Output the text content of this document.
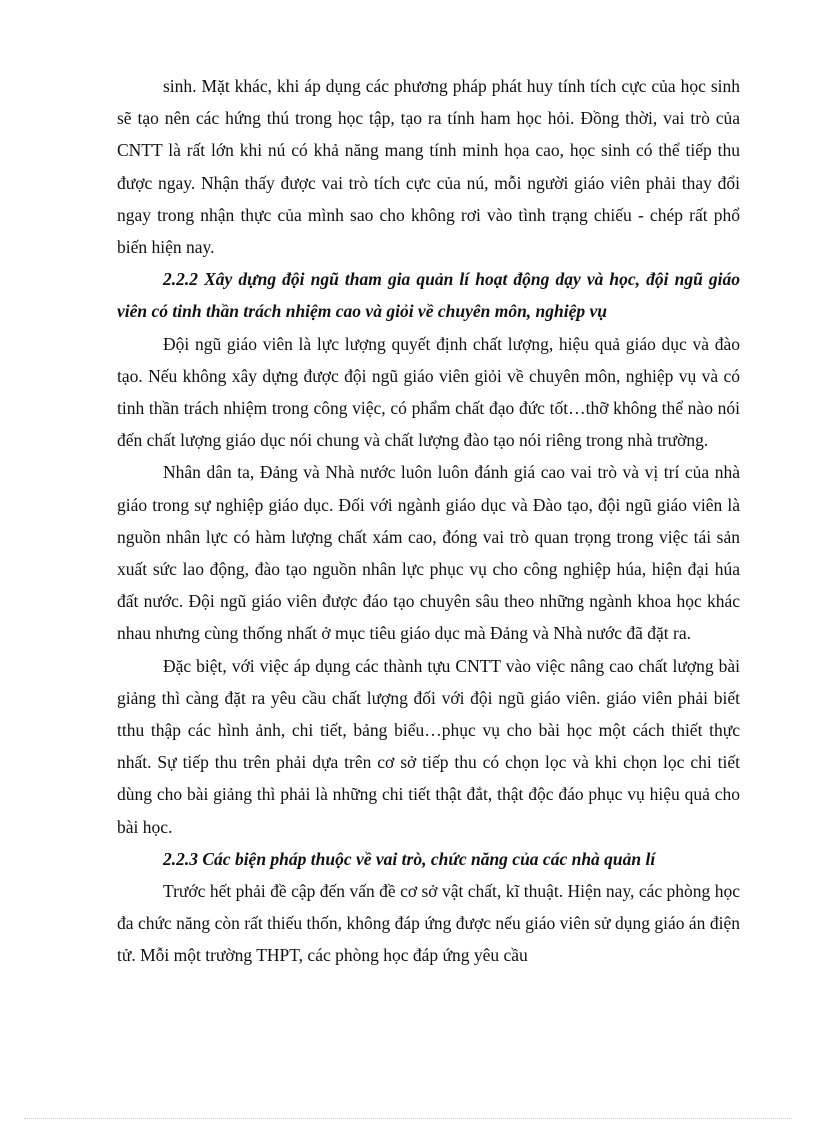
sinh. Mặt khác, khi áp dụng các phương pháp phát huy tính tích cực của học sinh sẽ tạo nên các hứng thú trong học tập, tạo ra tính ham học hỏi. Đồng thời, vai trò của CNTT là rất lớn khi nú có khả năng mang tính minh họa cao, học sinh có thể tiếp thu được ngay. Nhận thấy được vai trò tích cực của nú, mỗi người giáo viên phải thay đổi ngay trong nhận thực của mình sao cho không rơi vào tình trạng chiếu - chép rất phổ biến hiện nay.

2.2.2 Xây dựng đội ngũ tham gia quản lí hoạt động dạy và học, đội ngũ giáo viên có tinh thần trách nhiệm cao và giỏi về chuyên môn, nghiệp vụ

Đội ngũ giáo viên là lực lượng quyết định chất lượng, hiệu quả giáo dục và đào tạo. Nếu không xây dựng được đội ngũ giáo viên giỏi về chuyên môn, nghiệp vụ và có tinh thần trách nhiệm trong công việc, có phẩm chất đạo đức tốt…thỡ không thể nào nói đến chất lượng giáo dục nói chung và chất lượng đào tạo nói riêng trong nhà trường.

Nhân dân ta, Đảng và Nhà nước luôn luôn đánh giá cao vai trò và vị trí của nhà giáo trong sự nghiệp giáo dục. Đối với ngành giáo dục và Đào tạo, đội ngũ giáo viên là nguồn nhân lực có hàm lượng chất xám cao, đóng vai trò quan trọng trong việc tái sản xuất sức lao động, đào tạo nguồn nhân lực phục vụ cho công nghiệp húa, hiện đại húa đất nước. Đội ngũ giáo viên được đáo tạo chuyên sâu theo những ngành khoa học khác nhau nhưng cùng thống nhất ở mục tiêu giáo dục mà Đảng và Nhà nước đã đặt ra.

Đặc biệt, với việc áp dụng các thành tựu CNTT vào việc nâng cao chất lượng bài giảng thì càng đặt ra yêu cầu chất lượng đối với đội ngũ giáo viên. giáo viên phải biết tthu thập các hình ảnh, chi tiết, bảng biểu…phục vụ cho bài học một cách thiết thực nhất. Sự tiếp thu trên phải dựa trên cơ sở tiếp thu có chọn lọc và khi chọn lọc chi tiết dùng cho bài giảng thì phải là những chi tiết thật đắt, thật độc đáo phục vụ hiệu quả cho bài học.

2.2.3 Các biện pháp thuộc về vai trò, chức năng của các nhà quản lí

Trước hết phải đề cập đến vấn đề cơ sở vật chất, kĩ thuật. Hiện nay, các phòng học đa chức năng còn rất thiếu thốn, không đáp ứng được nếu giáo viên sử dụng giáo án điện tử. Mỗi một trường THPT, các phòng học đáp ứng yêu cầu
